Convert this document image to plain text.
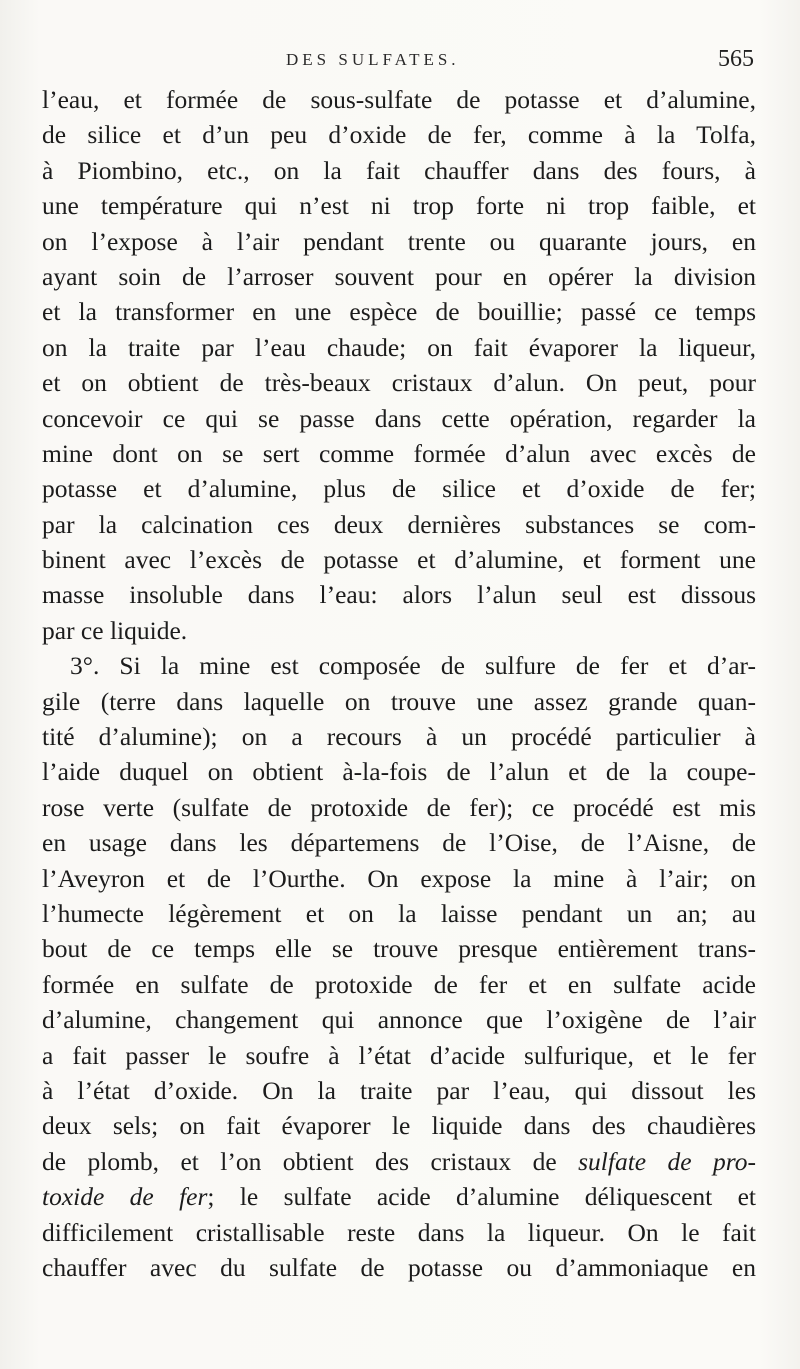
DES SULFATES.	565
l’eau, et formée de sous-sulfate de potasse et d’alumine,
de silice et d’un peu d’oxide de fer, comme à la Tolfa,
à Piombino, etc., on la fait chauffer dans des fours, à
une température qui n’est ni trop forte ni trop faible, et
on l’expose à l’air pendant trente ou quarante jours, en
ayant soin de l’arroser souvent pour en opérer la division
et la transformer en une espèce de bouillie; passé ce temps
on la traite par l’eau chaude; on fait évaporer la liqueur,
et on obtient de très-beaux cristaux d’alun. On peut, pour
concevoir ce qui se passe dans cette opération, regarder la
mine dont on se sert comme formée d’alun avec excès de
potasse et d’alumine, plus de silice et d’oxide de fer;
par la calcination ces deux dernières substances se com-
binent avec l’excès de potasse et d’alumine, et forment une
masse insoluble dans l’eau: alors l’alun seul est dissous
par ce liquide.
3°. Si la mine est composée de sulfure de fer et d’ar-
gile (terre dans laquelle on trouve une assez grande quan-
tité d’alumine); on a recours à un procédé particulier à
l’aide duquel on obtient à-la-fois de l’alun et de la coupe-
rose verte (sulfate de protoxide de fer); ce procédé est mis
en usage dans les départemens de l’Oise, de l’Aisne, de
l’Aveyron et de l’Ourthe. On expose la mine à l’air; on
l’humecte légèrement et on la laisse pendant un an; au
bout de ce temps elle se trouve presque entièrement trans-
formée en sulfate de protoxide de fer et en sulfate acide
d’alumine, changement qui annonce que l’oxigène de l’air
a fait passer le soufre à l’état d’acide sulfurique, et le fer
à l’état d’oxide. On la traite par l’eau, qui dissout les
deux sels; on fait évaporer le liquide dans des chaudières
de plomb, et l’on obtient des cristaux de sulfate de pro-
toxide de fer; le sulfate acide d’alumine déliquescent et
difficilement cristallisable reste dans la liqueur. On le fait
chauffer avec du sulfate de potasse ou d’ammoniaque en
